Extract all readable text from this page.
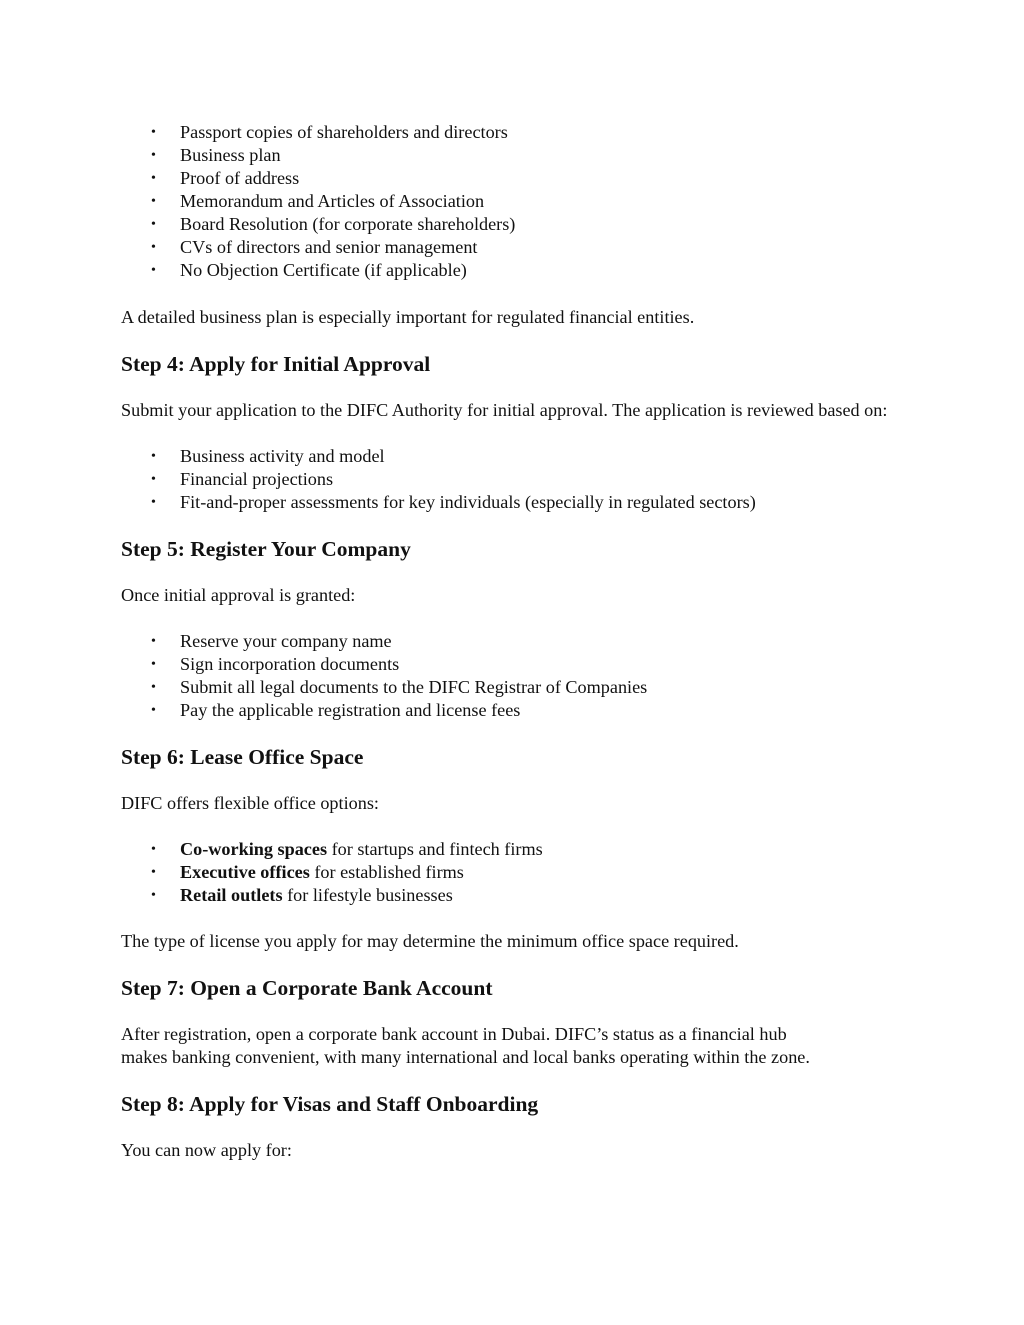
• Passport copies of shareholders and directors
• Business plan
• Proof of address
• Memorandum and Articles of Association
• Board Resolution (for corporate shareholders)
• CVs of directors and senior management
• No Objection Certificate (if applicable)

A detailed business plan is especially important for regulated financial entities.

Step 4: Apply for Initial Approval

Submit your application to the DIFC Authority for initial approval. The application is reviewed based on:

• Business activity and model
• Financial projections
• Fit-and-proper assessments for key individuals (especially in regulated sectors)
Step 5: Register Your Company

Once initial approval is granted:

• Reserve your company name
• Sign incorporation documents
• Submit all legal documents to the DIFC Registrar of Companies
• Pay the applicable registration and license fees
Step 6: Lease Office Space

DIFC offers flexible office options:

• Co-working spaces for startups and fintech firms
• Executive offices for established firms
• Retail outlets for lifestyle businesses

The type of license you apply for may determine the minimum office space required.

Step 7: Open a Corporate Bank Account

After registration, open a corporate bank account in Dubai. DIFC’s status as a financial hub
makes banking convenient, with many international and local banks operating within the zone.

Step 8: Apply for Visas and Staff Onboarding

You can now apply for:
